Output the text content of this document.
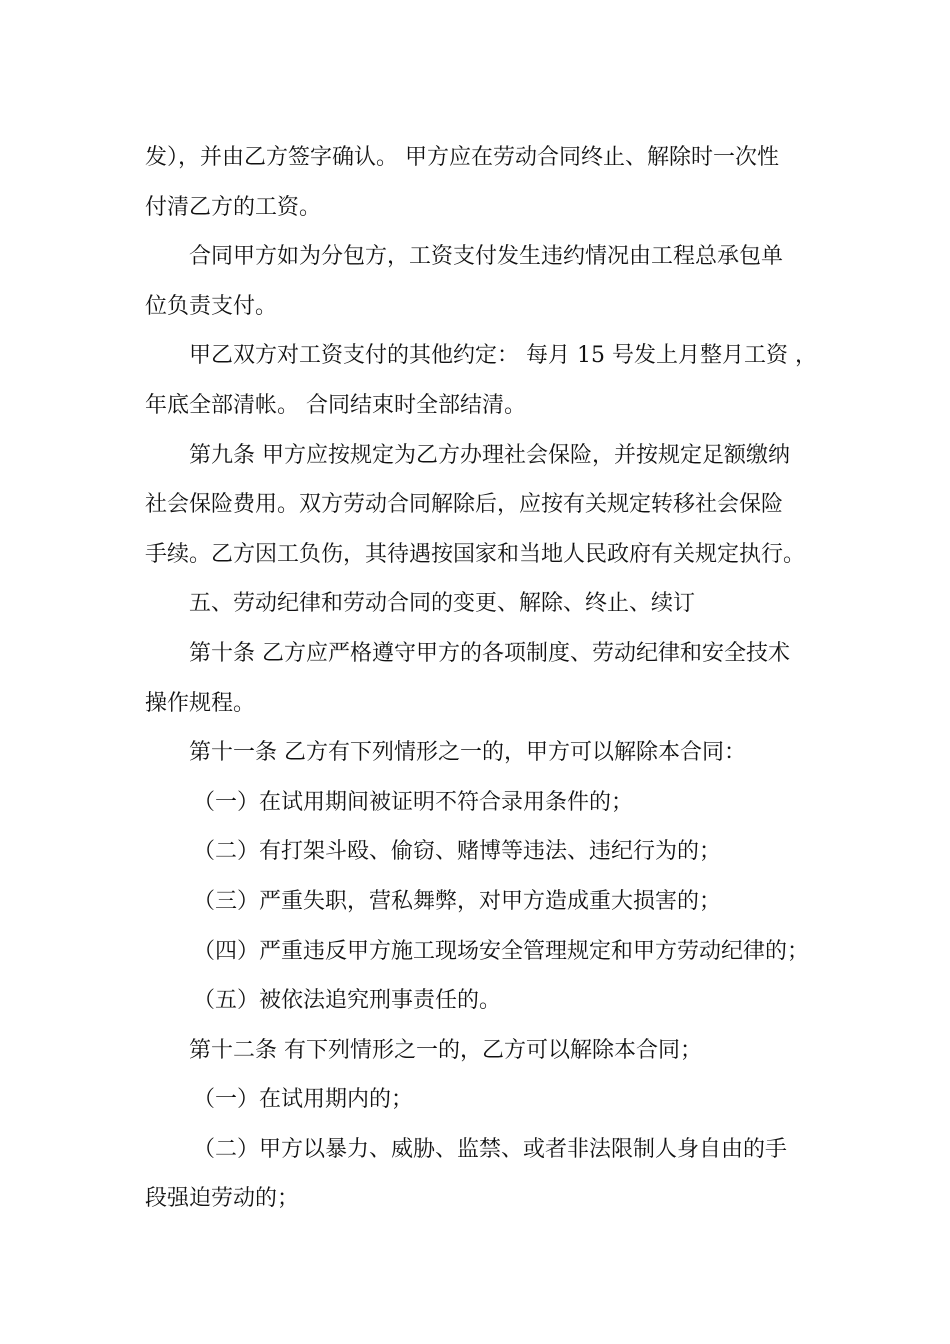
发），并由乙方签字确认。 甲方应在劳动合同终止、解除时一次性
付清乙方的工资。
合同甲方如为分包方，工资支付发生违约情况由工程总承包单
位负责支付。
甲乙双方对工资支付的其他约定： 每月 15 号发上月整月工资 ，
年底全部清帐。 合同结束时全部结清。
第九条 甲方应按规定为乙方办理社会保险，并按规定足额缴纳
社会保险费用。双方劳动合同解除后，应按有关规定转移社会保险
手续。乙方因工负伤，其待遇按国家和当地人民政府有关规定执行。
五、劳动纪律和劳动合同的变更、解除、终止、续订
第十条 乙方应严格遵守甲方的各项制度、劳动纪律和安全技术
操作规程。
第十一条 乙方有下列情形之一的，甲方可以解除本合同：
（一）在试用期间被证明不符合录用条件的；
（二）有打架斗殴、偷窃、赌博等违法、违纪行为的；
（三）严重失职，营私舞弊，对甲方造成重大损害的；
（四）严重违反甲方施工现场安全管理规定和甲方劳动纪律的；
（五）被依法追究刑事责任的。
第十二条 有下列情形之一的，乙方可以解除本合同；
（一）在试用期内的；
（二）甲方以暴力、威胁、监禁、或者非法限制人身自由的手
段强迫劳动的；
